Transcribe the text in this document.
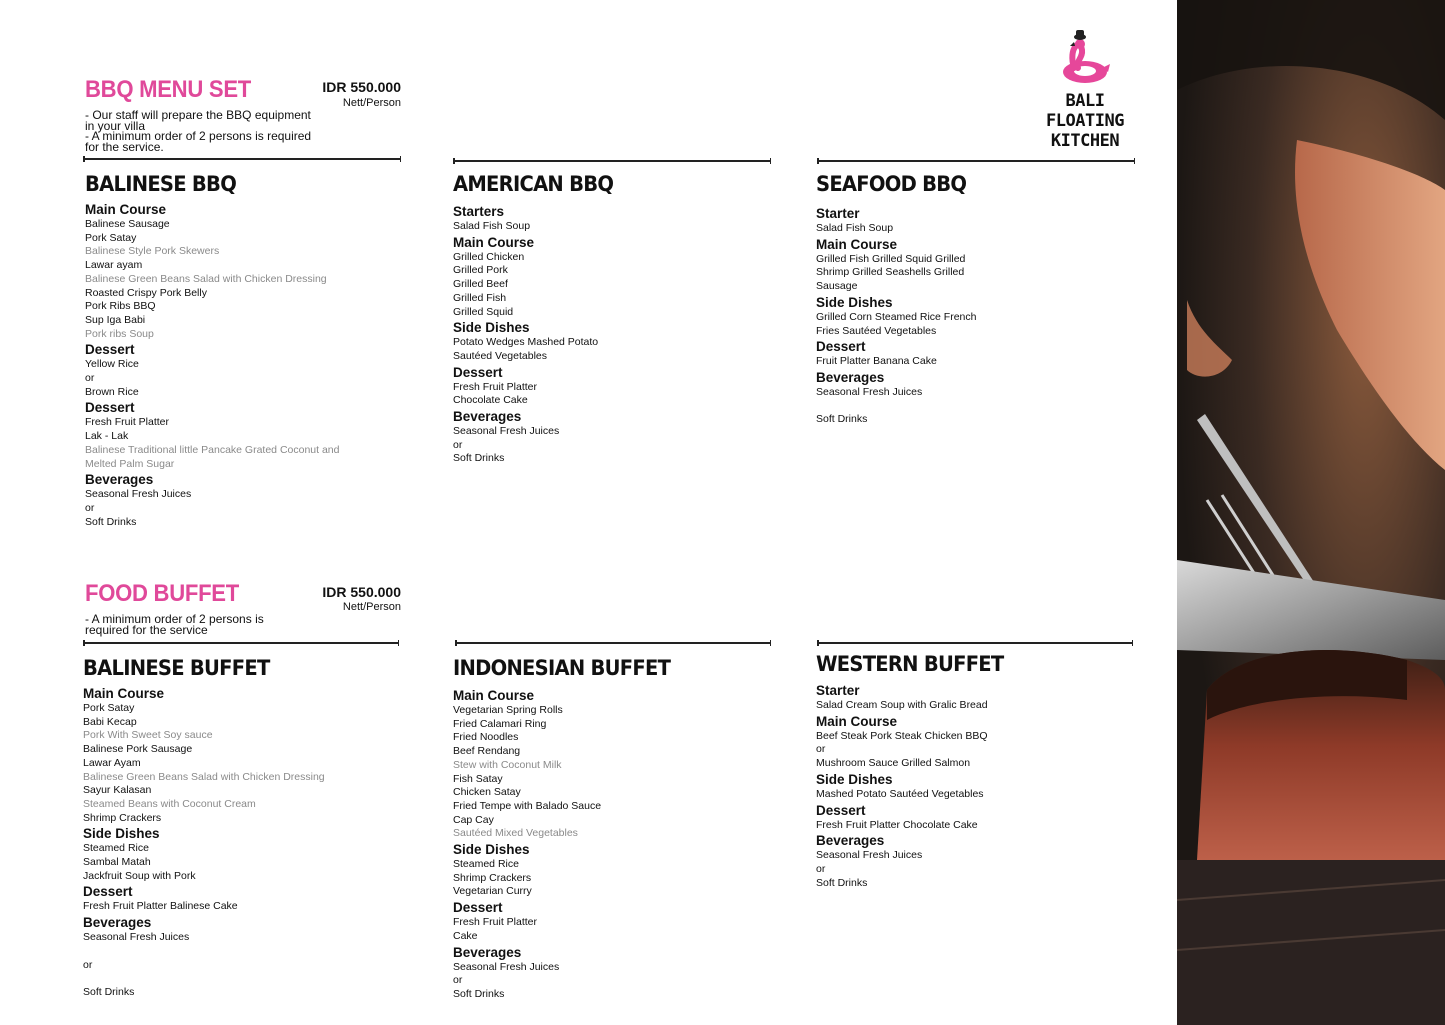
BALI FLOATING
KITCHEN
BBQ MENU SET	IDR 550.000
Nett/Person
- Our staff will prepare the BBQ equipment
in your villa
- A minimum order of 2 persons is required
for the service.
FOOD BUFFET	IDR 550.000
Nett/Person
- A minimum order of 2 persons is
required for the service
BALINESE BBQ
Main Course
Balinese Sausage
Pork Satay
Balinese Style Pork Skewers
Lawar ayam
Balinese Green Beans Salad with Chicken Dressing
Roasted Crispy Pork Belly
Pork Ribs BBQ
Sup Iga Babi
Pork ribs Soup
Dessert
Yellow Rice
or
Brown Rice
Dessert
Fresh Fruit Platter
Lak - Lak
Balinese Traditional little Pancake Grated Coconut and
Melted Palm Sugar
Beverages
Seasonal Fresh Juices
or
Soft Drinks
AMERICAN BBQ
Starters
Salad Fish Soup
Main Course
Grilled Chicken
Grilled Pork
Grilled Beef
Grilled Fish
Grilled Squid
Side Dishes
Potato Wedges Mashed Potato
Sautéed Vegetables
Dessert
Fresh Fruit Platter
Chocolate Cake
Beverages
Seasonal Fresh Juices
or
Soft Drinks
SEAFOOD BBQ
Starter
Salad Fish Soup
Main Course
Grilled Fish Grilled Squid Grilled
Shrimp Grilled Seashells Grilled
Sausage
Side Dishes
Grilled Corn Steamed Rice French
Fries Sautéed Vegetables
Dessert
Fruit Platter Banana Cake
Beverages
Seasonal Fresh Juices
Soft Drinks
BALINESE BUFFET
Main Course
Pork Satay
Babi Kecap
Pork With Sweet Soy sauce
Balinese Pork Sausage
Lawar Ayam
Balinese Green Beans Salad with Chicken Dressing
Sayur Kalasan
Steamed Beans with Coconut Cream
Shrimp Crackers
Side Dishes
Steamed Rice
Sambal Matah
Jackfruit Soup with Pork
Dessert
Fresh Fruit Platter Balinese Cake
Beverages
Seasonal Fresh Juices
or
Soft Drinks
INDONESIAN BUFFET
Main Course
Vegetarian Spring Rolls
Fried Calamari Ring
Fried Noodles
Beef Rendang
Stew with Coconut Milk
Fish Satay
Chicken Satay
Fried Tempe with Balado Sauce
Cap Cay
Sautéed Mixed Vegetables
Side Dishes
Steamed Rice
Shrimp Crackers
Vegetarian Curry
Dessert
Fresh Fruit Platter
Cake
Beverages
Seasonal Fresh Juices
or
Soft Drinks
WESTERN BUFFET
Starter
Salad Cream Soup with Gralic Bread
Main Course
Beef Steak Pork Steak Chicken BBQ
or
Mushroom Sauce Grilled Salmon
Side Dishes
Mashed Potato Sautéed Vegetables
Dessert
Fresh Fruit Platter Chocolate Cake
Beverages
Seasonal Fresh Juices
or
Soft Drinks
